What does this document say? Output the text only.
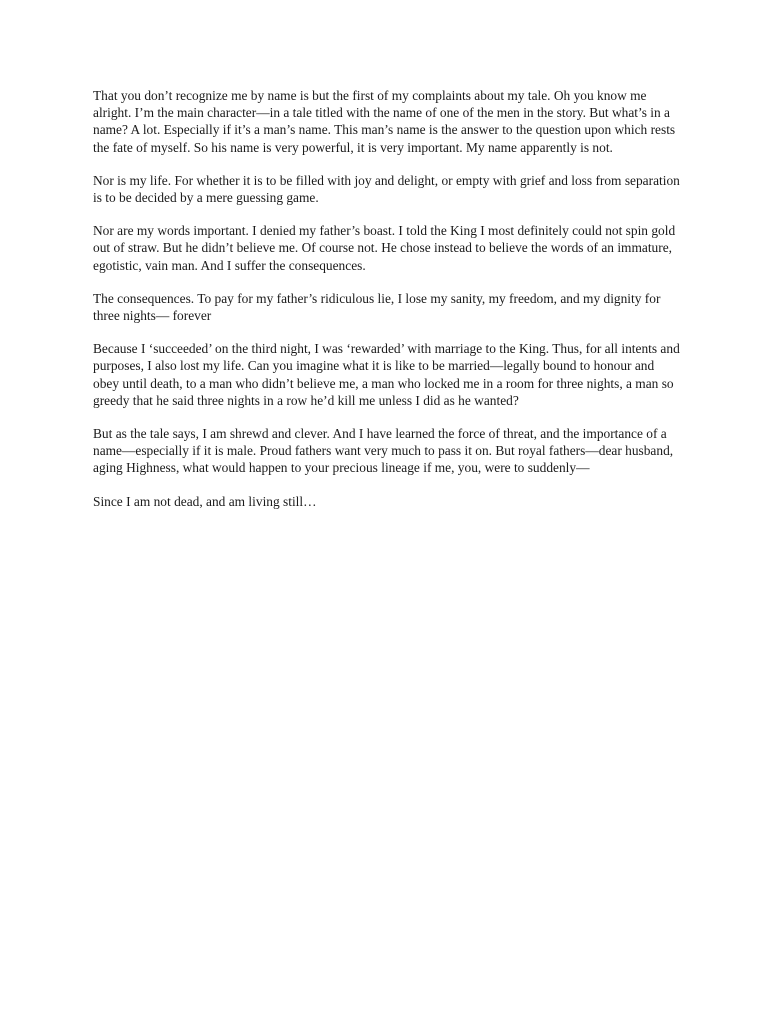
That you don’t recognize me by name is but the first of my complaints about my tale. Oh you know me alright. I’m the main character—in a tale titled with the name of one of the men in the story. But what’s in a name? A lot. Especially if it’s a man’s name. This man’s name is the answer to the question upon which rests the fate of myself. So his name is very powerful, it is very important. My name apparently is not.

Nor is my life. For whether it is to be filled with joy and delight, or empty with grief and loss from separation is to be decided by a mere guessing game.

Nor are my words important. I denied my father’s boast. I told the King I most definitely could not spin gold out of straw. But he didn’t believe me. Of course not. He chose instead to believe the words of an immature, egotistic, vain man. And I suffer the consequences.

The consequences. To pay for my father’s ridiculous lie, I lose my sanity, my freedom, and my dignity for three nights— forever

Because I ‘succeeded’ on the third night, I was ‘rewarded’ with marriage to the King. Thus, for all intents and purposes, I also lost my life. Can you imagine what it is like to be married—legally bound to honour and obey until death, to a man who didn’t believe me, a man who locked me in a room for three nights, a man so greedy that he said three nights in a row he’d kill me unless I did as he wanted?

But as the tale says, I am shrewd and clever. And I have learned the force of threat, and the importance of a name—especially if it is male. Proud fathers want very much to pass it on. But royal fathers—dear husband, aging Highness, what would happen to your precious lineage if me, you, were to suddenly—

Since I am not dead, and am living still…
